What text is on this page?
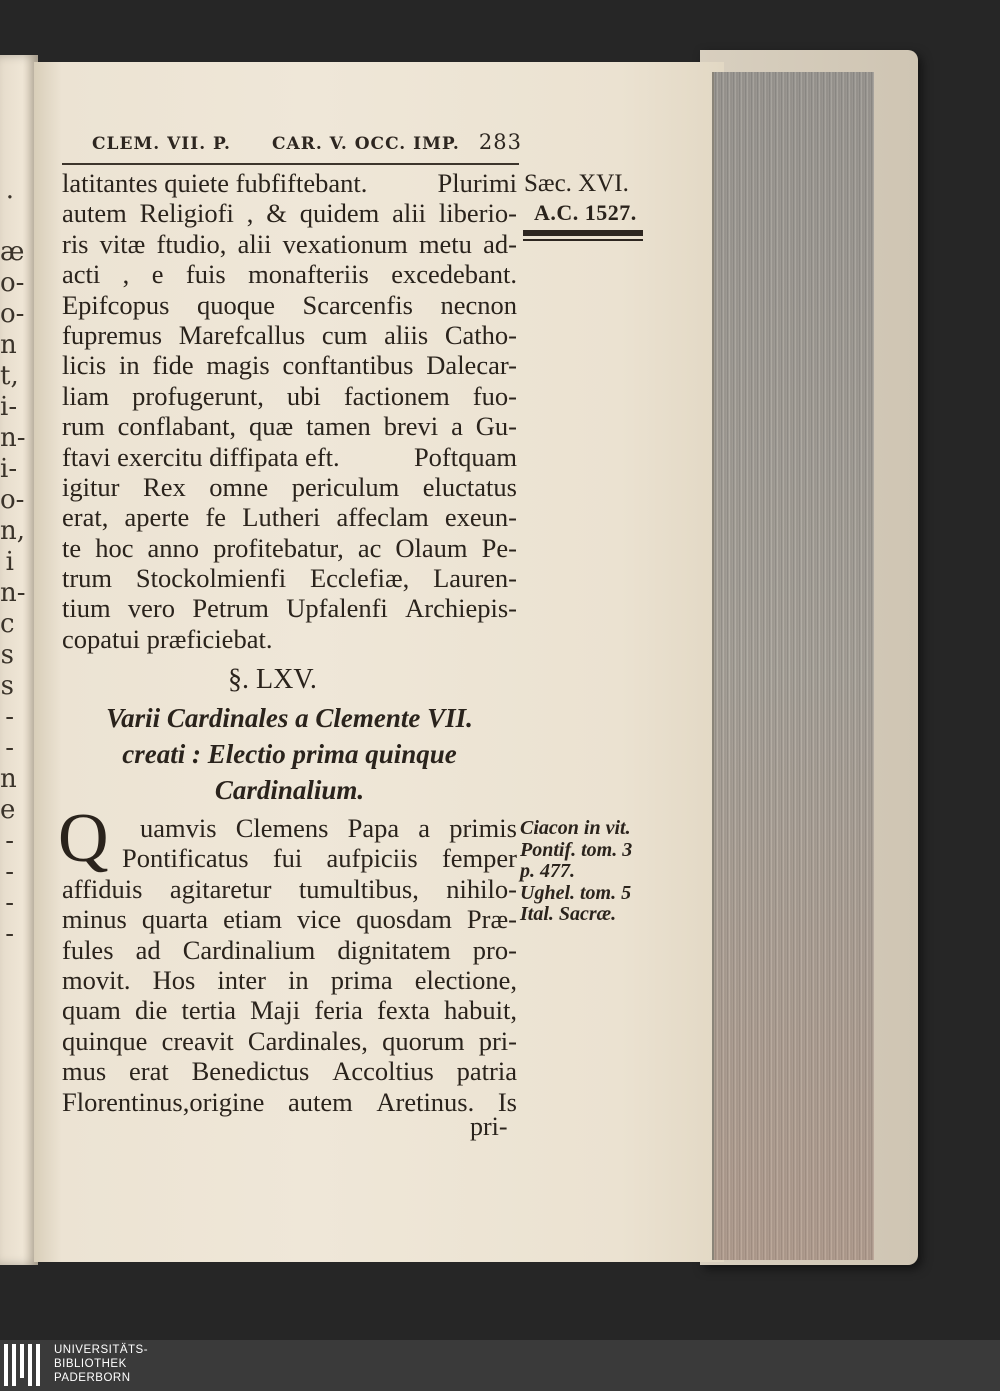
.
æ
o-
o-
n
t,
i-
n-
i-
o-
n,
i
n-
c
s
s
-
-
n
e
-
-
-
-
CLEM. VII. P. CAR. V. OCC. IMP. 283
Sæc. XVI.
A.C. 1527.
latitantes quiete fubfiftebant.	Plurimi
autem Religiofi , & quidem alii liberio-
ris vitæ ftudio, alii vexationum metu ad-
acti , e fuis monafteriis excedebant.
Epifcopus quoque Scarcenfis necnon
fupremus Marefcallus cum aliis Catho-
licis in fide magis conftantibus Dalecar-
liam profugerunt, ubi factionem fuo-
rum conflabant, quæ tamen brevi a Gu-
ftavi exercitu diffipata eft.	Poftquam
igitur Rex omne periculum eluctatus
erat, aperte fe Lutheri affeclam exeun-
te hoc anno profitebatur, ac Olaum Pe-
trum Stockolmienfi Ecclefiæ, Lauren-
tium vero Petrum Upfalenfi Archiepis-
copatui præficiebat.
§. LXV.
Varii Cardinales a Clemente VII.
creati : Electio prima quinque
Cardinalium.
Q uamvis Clemens Papa a primis
Pontificatus fui aufpiciis femper
affiduis agitaretur tumultibus, nihilo-
minus quarta etiam vice quosdam Præ-
fules ad Cardinalium dignitatem pro-
movit. Hos inter in prima electione,
quam die tertia Maji feria fexta habuit,
quinque creavit Cardinales, quorum pri-
mus erat Benedictus Accoltius patria
Florentinus,origine autem Aretinus. Is
Ciacon in vit.
Pontif. tom. 3
p. 477.
Ughel. tom. 5
Ital. Sacræ.
pri-
UNIVERSITÄTS-
BIBLIOTHEK
PADERBORN
